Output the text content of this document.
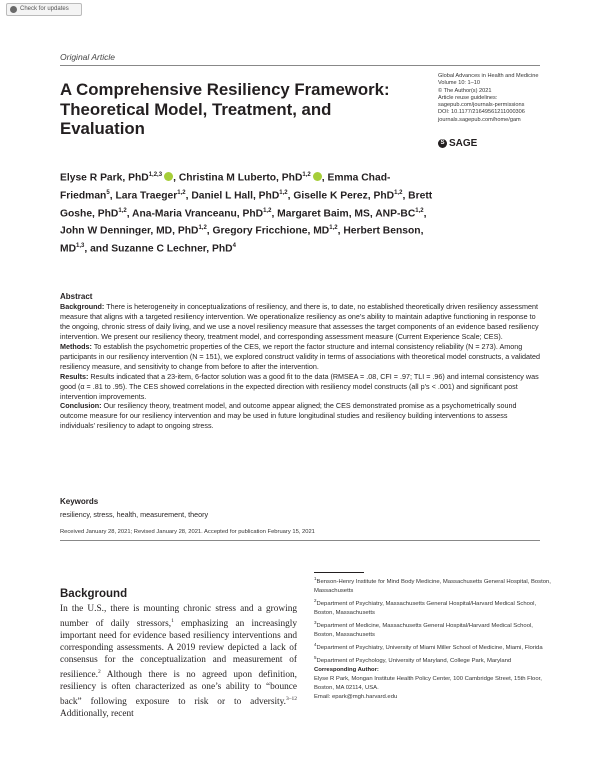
Check for updates
Original Article
A Comprehensive Resiliency Framework: Theoretical Model, Treatment, and Evaluation
Global Advances in Health and Medicine
Volume 10: 1–10
© The Author(s) 2021
Article reuse guidelines:
sagepub.com/journals-permissions
DOI: 10.1177/21649561211000306
journals.sagepub.com/home/gam
S SAGE
Elyse R Park, PhD$^{1,2,3}$ , Christina M Luberto, PhD$^{1,2}$ , Emma Chad-Friedman$^5$, Lara Traeger$^{1,2}$, Daniel L Hall, PhD$^{1,2}$, Giselle K Perez, PhD$^{1,2}$, Brett Goshe, PhD$^{1,2}$, Ana-Maria Vranceanu, PhD$^{1,2}$, Margaret Baim, MS, ANP-BC$^{1,2}$, John W Denninger, MD, PhD$^{1,2}$, Gregory Fricchione, MD$^{1,2}$, Herbert Benson, MD$^{1,3}$, and Suzanne C Lechner, PhD$^4$

Abstract

Background: There is heterogeneity in conceptualizations of resiliency, and there is, to date, no established theoretically driven resiliency assessment measure that aligns with a targeted resiliency intervention. We operationalize resiliency as one’s ability to maintain adaptive functioning in response to the ongoing, chronic stress of daily living, and we use a novel resiliency measure that assesses the target components of an evidence based resiliency intervention. We present our resiliency theory, treatment model, and corresponding assessment measure (Current Experience Scale; CES).

Methods: To establish the psychometric properties of the CES, we report the factor structure and internal consistency reliability (N = 273). Among participants in our resiliency intervention (N = 151), we explored construct validity in terms of associations with theoretical model constructs, a validated resiliency measure, and sensitivity to change from before to after the intervention.

Results: Results indicated that a 23-item, 6-factor solution was a good fit to the data (RMSEA = .08, CFI = .97; TLI = .96) and internal consistency was good (α = .81 to .95). The CES showed correlations in the expected direction with resiliency model constructs (all p’s < .001) and significant post intervention improvements.

Conclusion: Our resiliency theory, treatment model, and outcome appear aligned; the CES demonstrated promise as a psychometrically sound outcome measure for our resiliency intervention and may be used in future longitudinal studies and resiliency building interventions to assess individuals’ resiliency to adapt to ongoing stress.

Keywords
resiliency, stress, health, measurement, theory
Received January 28, 2021; Revised January 28, 2021. Accepted for publication February 15, 2021
Background
In the U.S., there is mounting chronic stress and a growing number of daily stressors,$^1$ emphasizing an increasingly important need for evidence based resiliency interventions and corresponding assessments. A 2019 review depicted a lack of consensus for the conceptualization and measurement of resilience.$^2$ Although there is no agreed upon definition, resiliency is often characterized as one’s ability to “bounce back” following exposure to risk or to adversity.$^{3-12}$ Additionally, recent

$^1$Benson-Henry Institute for Mind Body Medicine, Massachusetts General Hospital, Boston, Massachusetts

$^2$Department of Psychiatry, Massachusetts General Hospital/Harvard Medical School, Boston, Massachusetts

$^3$Department of Medicine, Massachusetts General Hospital/Harvard Medical School, Boston, Massachusetts

$^4$Department of Psychiatry, University of Miami Miller School of Medicine, Miami, Florida

$^5$Department of Psychology, University of Maryland, College Park, Maryland

Corresponding Author:

Elyse R Park, Mongan Institute Health Policy Center, 100 Cambridge Street, 15th Floor, Boston, MA 02114, USA.

Email: epark@mgh.harvard.edu
